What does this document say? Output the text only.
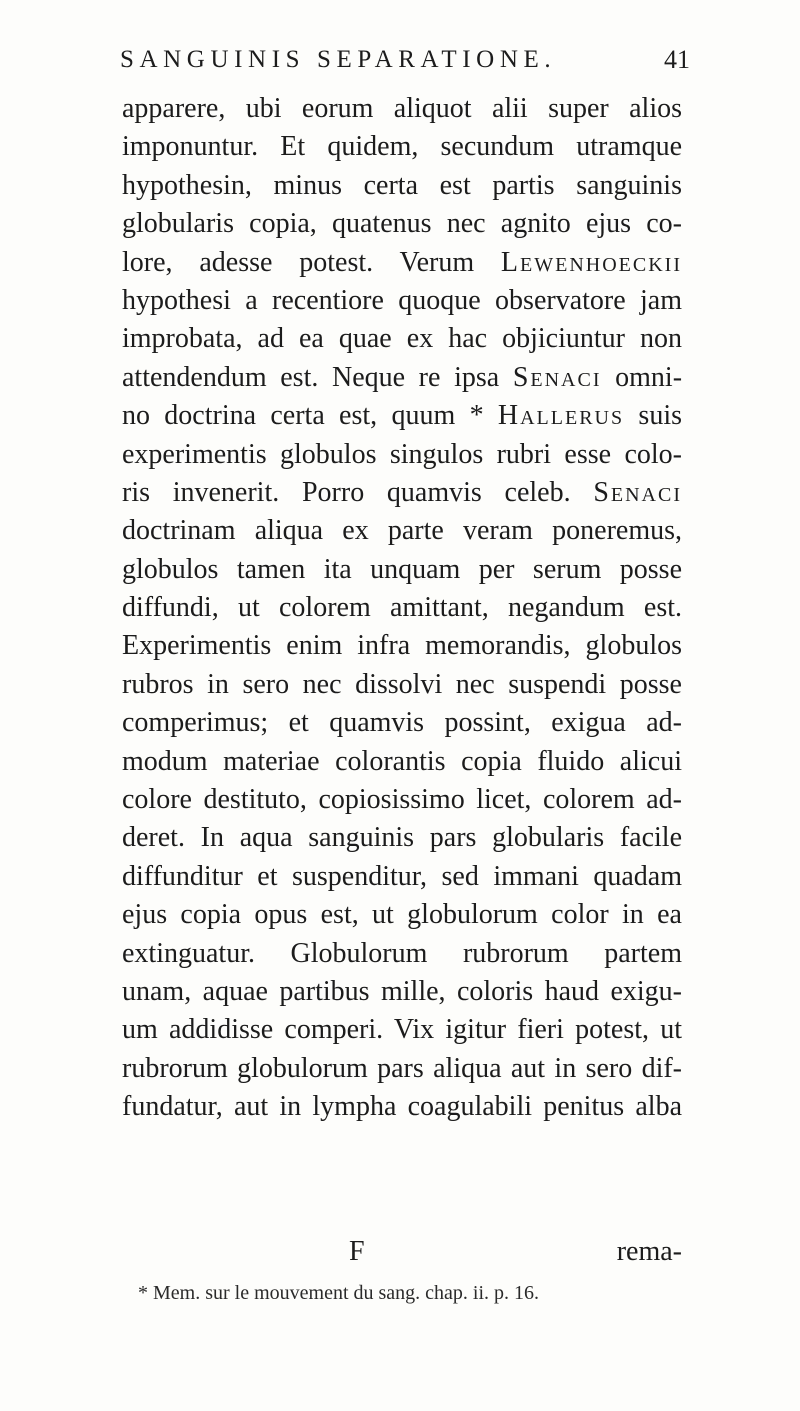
SANGUINIS SEPARATIONE.	41
apparere, ubi eorum aliquot alii super alios
imponuntur. Et quidem, secundum utramque
hypothesin, minus certa est partis sanguinis
globularis copia, quatenus nec agnito ejus co-
lore, adesse potest. Verum Lewenhoeckii
hypothesi a recentiore quoque observatore jam
improbata, ad ea quae ex hac objiciuntur non
attendendum est. Neque re ipsa Senaci omni-
no doctrina certa est, quum * Hallerus suis
experimentis globulos singulos rubri esse colo-
ris invenerit. Porro quamvis celeb. Senaci
doctrinam aliqua ex parte veram poneremus,
globulos tamen ita unquam per serum posse
diffundi, ut colorem amittant, negandum est.
Experimentis enim infra memorandis, globulos
rubros in sero nec dissolvi nec suspendi posse
comperimus; et quamvis possint, exigua ad-
modum materiae colorantis copia fluido alicui
colore destituto, copiosissimo licet, colorem ad-
deret. In aqua sanguinis pars globularis facile
diffunditur et suspenditur, sed immani quadam
ejus copia opus est, ut globulorum color in ea
extinguatur. Globulorum rubrorum partem
unam, aquae partibus mille, coloris haud exigu-
um addidisse comperi. Vix igitur fieri potest, ut
rubrorum globulorum pars aliqua aut in sero dif-
fundatur, aut in lympha coagulabili penitus alba
F	rema-
* Mem. sur le mouvement du sang. chap. ii. p. 16.
